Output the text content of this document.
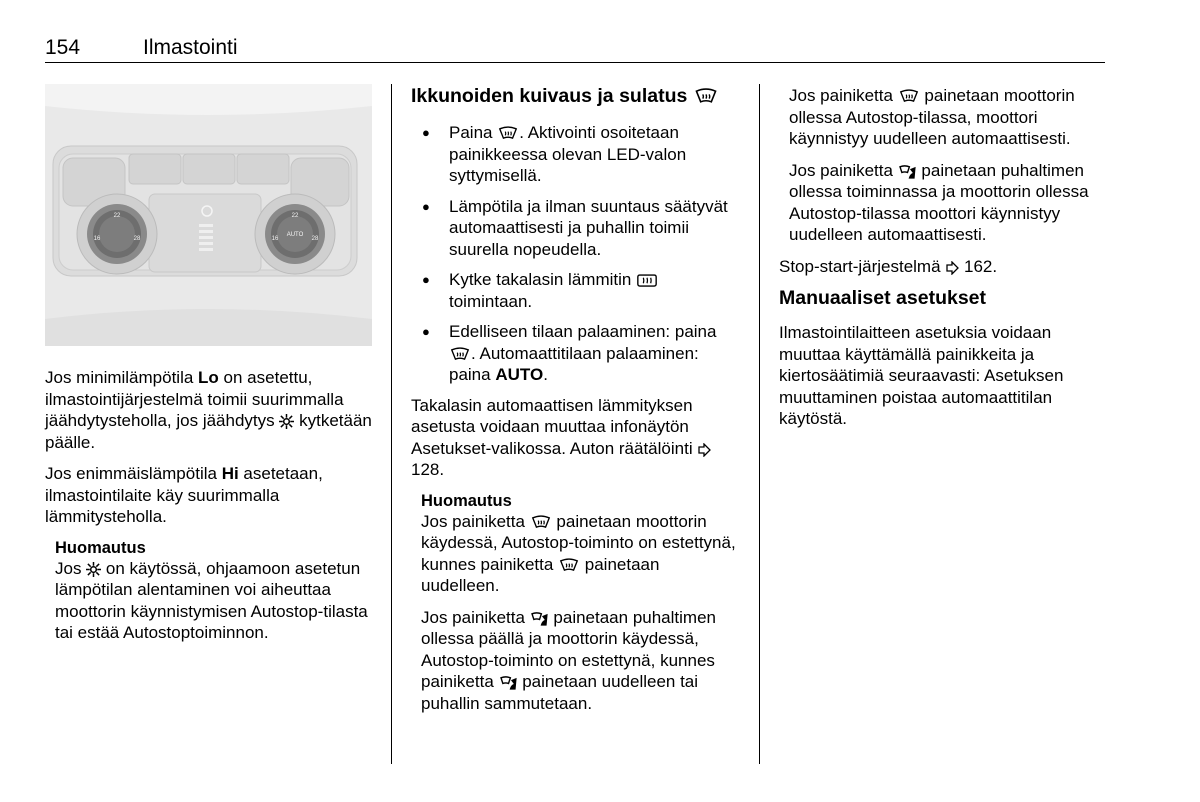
154	Ilmastointi
22
16	28
22
16	28
AUTO

Jos minimilämpötila Lo on asetettu, ilmastointijärjestelmä toimii suurimmalla jäähdytysteholla, jos jäähdytys  kytketään päälle.

Jos enimmäislämpötila Hi asetetaan, ilmastointilaite käy suurimmalla lämmitysteholla.

Huomautus

Jos  on käytössä, ohjaamoon asetetun lämpötilan alentaminen voi aiheuttaa moottorin käynnistymisen Autostop-tilasta tai estää Autostoptoiminnon.

Ikkunoiden kuivaus ja sulatus
● Paina . Aktivointi osoitetaan painikkeessa olevan LED-valon syttymisellä.
● Lämpötila ja ilman suuntaus säätyvät automaattisesti ja puhallin toimii suurella nopeudella.
● Kytke takalasin lämmitin  toimintaan.
● Edelliseen tilaan palaaminen: paina . Automaattitilaan palaaminen: paina AUTO.

Takalasin automaattisen lämmityksen asetusta voidaan muuttaa infonäytön Asetukset-valikossa. Auton räätälöinti  128.

Huomautus

Jos painiketta  painetaan moottorin käydessä, Autostop-toiminto on estettynä, kunnes painiketta  painetaan uudelleen.

Jos painiketta  painetaan puhaltimen ollessa päällä ja moottorin käydessä, Autostop-toiminto on estettynä, kunnes painiketta  painetaan uudelleen tai puhallin sammutetaan.

Jos painiketta  painetaan moottorin ollessa Autostop-tilassa, moottori käynnistyy uudelleen automaattisesti.

Jos painiketta  painetaan puhaltimen ollessa toiminnassa ja moottorin ollessa Autostop-tilassa moottori käynnistyy uudelleen automaattisesti.

Stop-start-järjestelmä  162.

Manuaaliset asetukset

Ilmastointilaitteen asetuksia voidaan muuttaa käyttämällä painikkeita ja kiertosäätimiä seuraavasti: Asetuksen muuttaminen poistaa automaattitilan käytöstä.
